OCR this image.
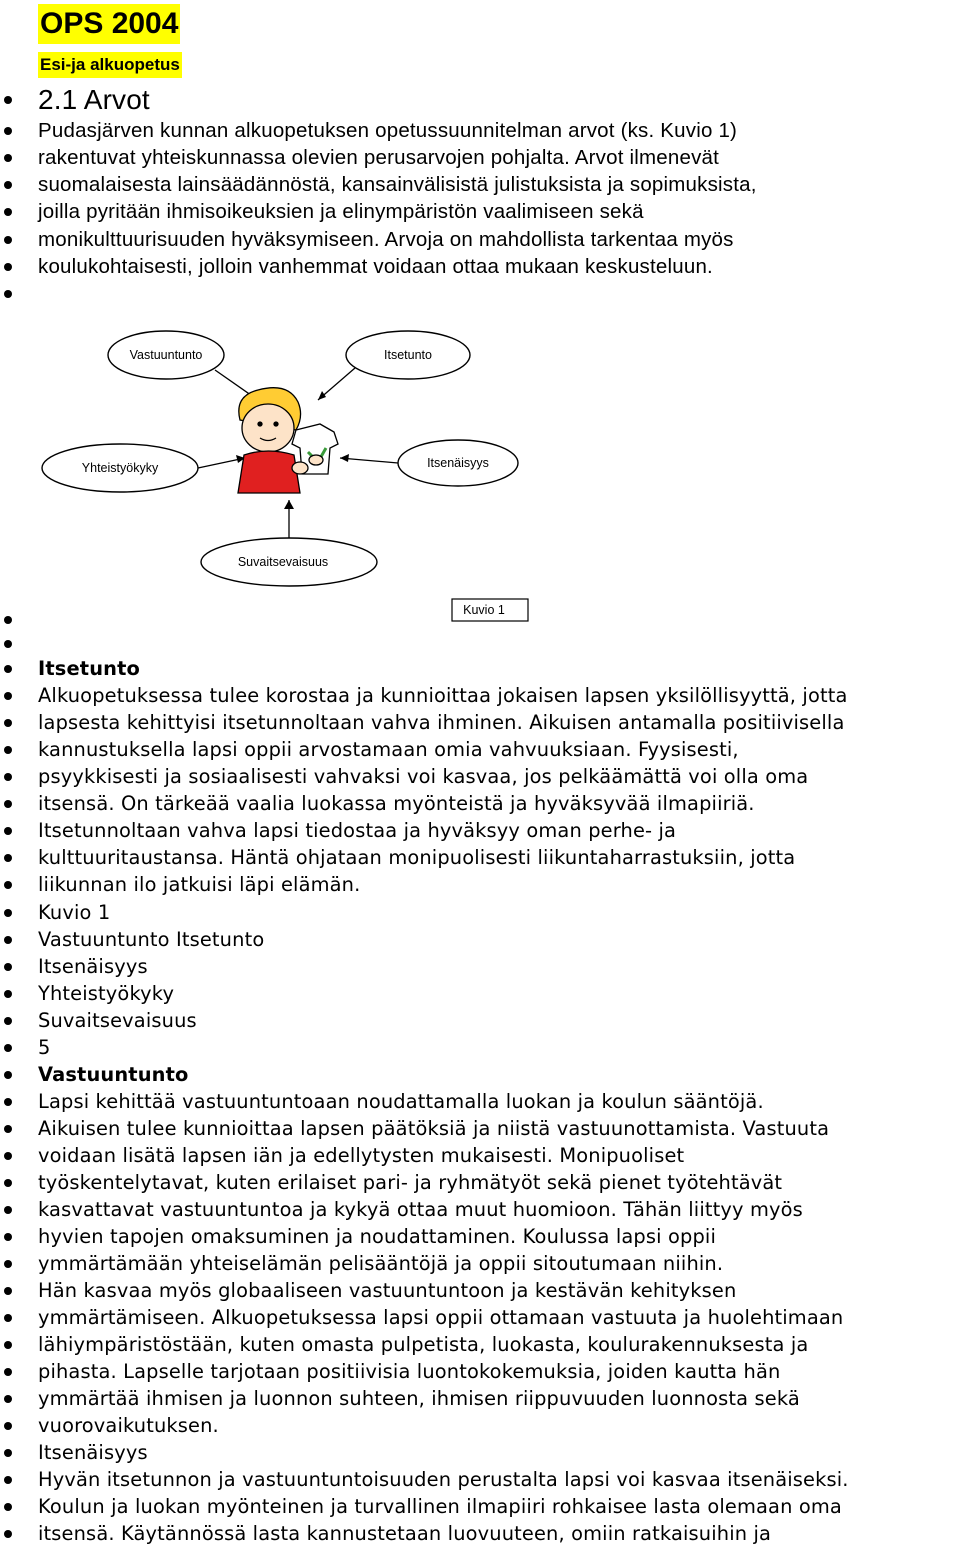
OPS 2004
Esi-ja alkuopetus
2.1 Arvot
Pudasjärven kunnan alkuopetuksen opetussuunnitelman arvot (ks. Kuvio 1)
rakentuvat yhteiskunnassa olevien perusarvojen pohjalta. Arvot ilmenevät
suomalaisesta lainsäädännöstä, kansainvälisistä julistuksista ja sopimuksista,
joilla pyritään ihmisoikeuksien ja elinympäristön vaalimiseen sekä
monikulttuurisuuden hyväksymiseen. Arvoja on mahdollista tarkentaa myös
koulukohtaisesti, jolloin vanhemmat voidaan ottaa mukaan keskusteluun.
Itsetunto
Alkuopetuksessa tulee korostaa ja kunnioittaa jokaisen lapsen yksilöllisyyttä, jotta
lapsesta kehittyisi itsetunnoltaan vahva ihminen. Aikuisen antamalla positiivisella
kannustuksella lapsi oppii arvostamaan omia vahvuuksiaan. Fyysisesti,
psyykkisesti ja sosiaalisesti vahvaksi voi kasvaa, jos pelkäämättä voi olla oma
itsensä. On tärkeää vaalia luokassa myönteistä ja hyväksyvää ilmapiiriä.
Itsetunnoltaan vahva lapsi tiedostaa ja hyväksyy oman perhe- ja
kulttuuritaustansa. Häntä ohjataan monipuolisesti liikuntaharrastuksiin, jotta
liikunnan ilo jatkuisi läpi elämän.
Kuvio 1
Vastuuntunto Itsetunto
Itsenäisyys
Yhteistyökyky
Suvaitsevaisuus
5
Vastuuntunto
Lapsi kehittää vastuuntuntoaan noudattamalla luokan ja koulun sääntöjä.
Aikuisen tulee kunnioittaa lapsen päätöksiä ja niistä vastuunottamista. Vastuuta
voidaan lisätä lapsen iän ja edellytysten mukaisesti. Monipuoliset
työskentelytavat, kuten erilaiset pari- ja ryhmätyöt sekä pienet työtehtävät
kasvattavat vastuuntuntoa ja kykyä ottaa muut huomioon. Tähän liittyy myös
hyvien tapojen omaksuminen ja noudattaminen. Koulussa lapsi oppii
ymmärtämään yhteiselämän pelisääntöjä ja oppii sitoutumaan niihin.
Hän kasvaa myös globaaliseen vastuuntuntoon ja kestävän kehityksen
ymmärtämiseen. Alkuopetuksessa lapsi oppii ottamaan vastuuta ja huolehtimaan
lähiympäristöstään, kuten omasta pulpetista, luokasta, koulurakennuksesta ja
pihasta. Lapselle tarjotaan positiivisia luontokokemuksia, joiden kautta hän
ymmärtää ihmisen ja luonnon suhteen, ihmisen riippuvuuden luonnosta sekä
vuorovaikutuksen.
Itsenäisyys
Hyvän itsetunnon ja vastuuntuntoisuuden perustalta lapsi voi kasvaa itsenäiseksi.
Koulun ja luokan myönteinen ja turvallinen ilmapiiri rohkaisee lasta olemaan oma
itsensä. Käytännössä lasta kannustetaan luovuuteen, omiin ratkaisuihin ja
Vastuuntunto	Itsetunto
Yhteistyökyky	Itsenäisyys
Suvaitsevaisuus
Kuvio 1
